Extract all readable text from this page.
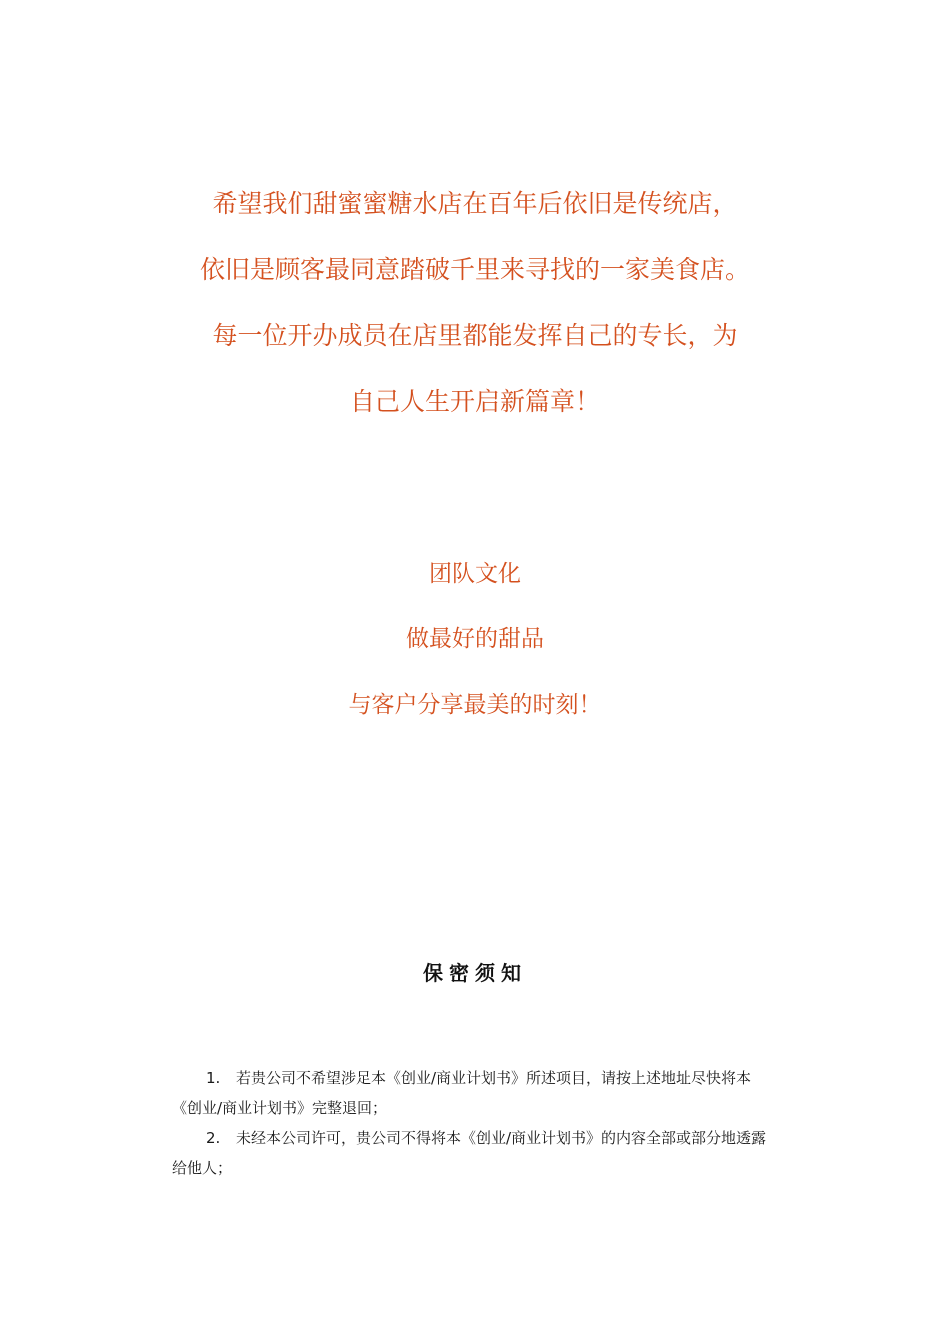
希望我们甜蜜蜜糖水店在百年后依旧是传统店，
依旧是顾客最同意踏破千里来寻找的一家美食店。
每一位开办成员在店里都能发挥自己的专长，为
自己人生开启新篇章！
团队文化
做最好的甜品
与客户分享最美的时刻！
保密须知

1. 若贵公司不希望涉足本《创业/商业计划书》所述项目，请按上述地址尽快将本《创业/商业计划书》完整退回；

2. 未经本公司许可，贵公司不得将本《创业/商业计划书》的内容全部或部分地透露给他人；
